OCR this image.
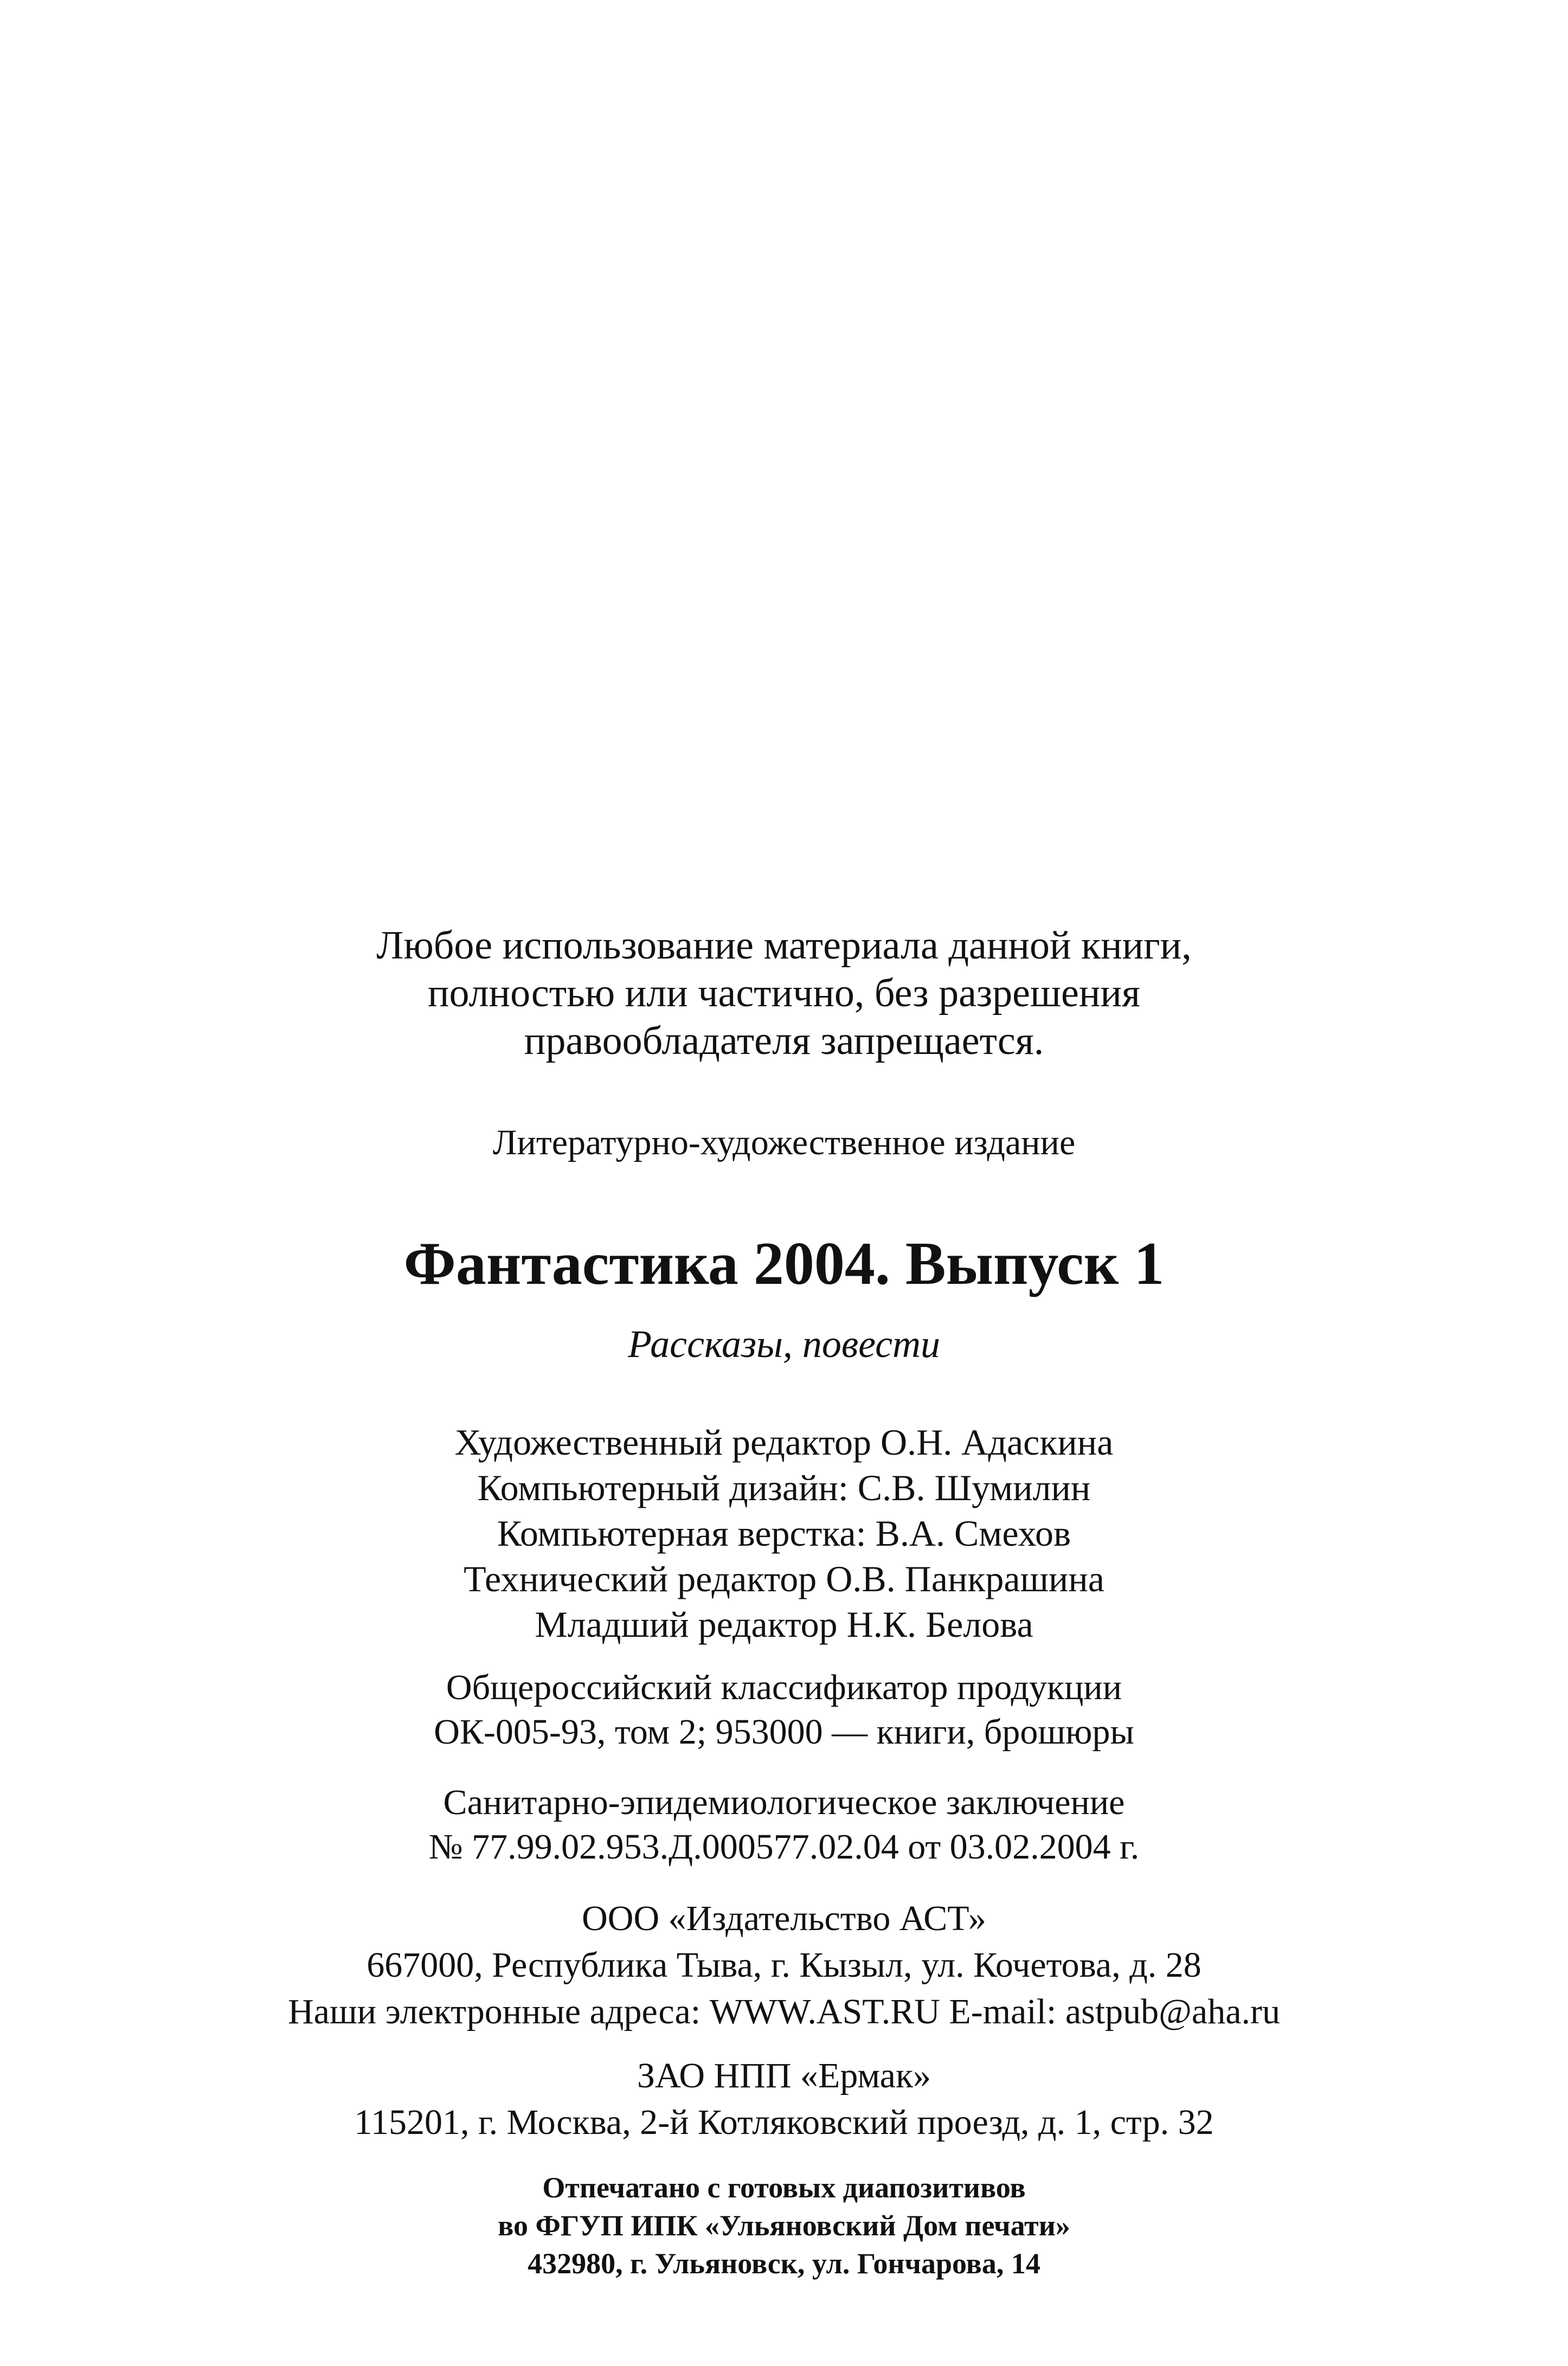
Любое использование материала данной книги,
полностью или частично, без разрешения
правообладателя запрещается.
Литературно-художественное издание
Фантастика 2004. Выпуск 1
Рассказы, повести
Художественный редактор О.Н. Адаскина
Компьютерный дизайн: С.В. Шумилин
Компьютерная верстка: В.А. Смехов
Технический редактор О.В. Панкрашина
Младший редактор Н.К. Белова
Общероссийский классификатор продукции
ОК-005-93, том 2; 953000 — книги, брошюры
Санитарно-эпидемиологическое заключение
№ 77.99.02.953.Д.000577.02.04 от 03.02.2004 г.
ООО «Издательство АСТ»
667000, Республика Тыва, г. Кызыл, ул. Кочетова, д. 28
Наши электронные адреса: WWW.AST.RU E-mail: astpub@aha.ru
ЗАО НПП «Ермак»
115201, г. Москва, 2-й Котляковский проезд, д. 1, стр. 32
Отпечатано с готовых диапозитивов
во ФГУП ИПК «Ульяновский Дом печати»
432980, г. Ульяновск, ул. Гончарова, 14
